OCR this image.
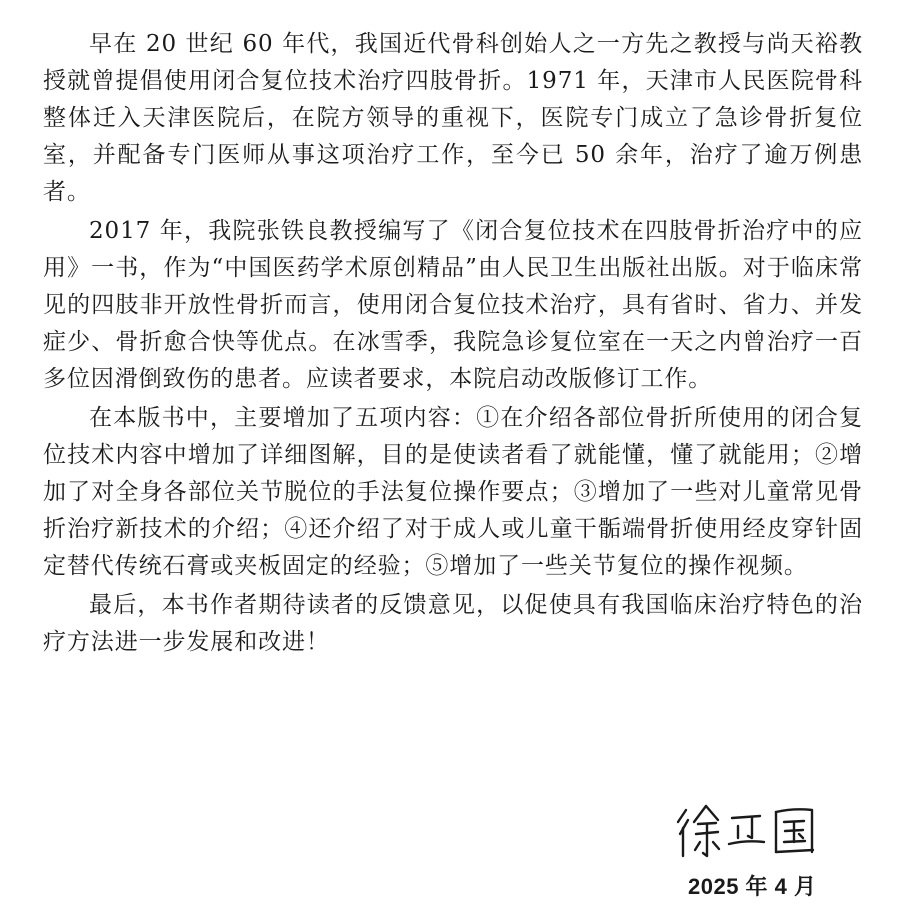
早在 20 世纪 60 年代，我国近代骨科创始人之一方先之教授与尚天裕教授就曾提倡使用闭合复位技术治疗四肢骨折。1971 年，天津市人民医院骨科整体迁入天津医院后，在院方领导的重视下，医院专门成立了急诊骨折复位室，并配备专门医师从事这项治疗工作，至今已 50 余年，治疗了逾万例患者。

2017 年，我院张铁良教授编写了《闭合复位技术在四肢骨折治疗中的应用》一书，作为“中国医药学术原创精品”由人民卫生出版社出版。对于临床常见的四肢非开放性骨折而言，使用闭合复位技术治疗，具有省时、省力、并发症少、骨折愈合快等优点。在冰雪季，我院急诊复位室在一天之内曾治疗一百多位因滑倒致伤的患者。应读者要求，本院启动改版修订工作。

在本版书中，主要增加了五项内容：①在介绍各部位骨折所使用的闭合复位技术内容中增加了详细图解，目的是使读者看了就能懂，懂了就能用；②增加了对全身各部位关节脱位的手法复位操作要点；③增加了一些对儿童常见骨折治疗新技术的介绍；④还介绍了对于成人或儿童干骺端骨折使用经皮穿针固定替代传统石膏或夹板固定的经验；⑤增加了一些关节复位的操作视频。

最后，本书作者期待读者的反馈意见，以促使具有我国临床治疗特色的治疗方法进一步发展和改进！

2025 年 4 月
